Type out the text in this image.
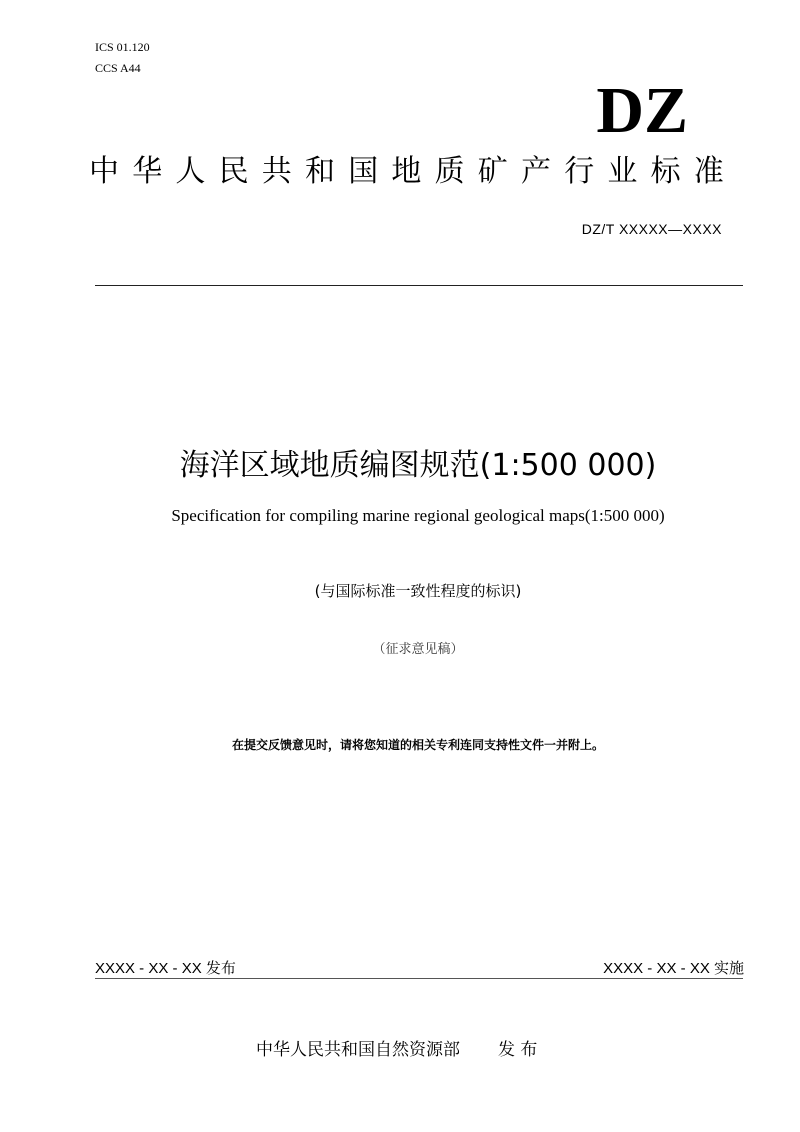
ICS 01.120
CCS A44
DZ
中华人民共和国地质矿产行业标准
DZ/T XXXXX—XXXX
海洋区域地质编图规范(1:500 000)
Specification for compiling marine regional geological maps(1:500 000)
(与国际标准一致性程度的标识)
（征求意见稿）
在提交反馈意见时，请将您知道的相关专利连同支持性文件一并附上。
XXXX - XX - XX 发布	XXXX - XX - XX 实施
中华人民共和国自然资源部 发 布
